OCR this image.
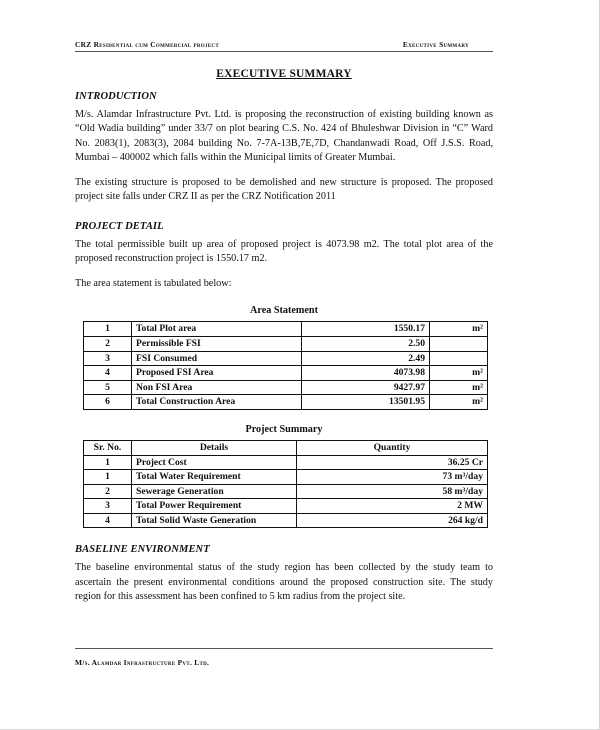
CRZ Residential cum Commercial project	Executive Summary
EXECUTIVE SUMMARY
INTRODUCTION

M/s. Alamdar Infrastructure Pvt. Ltd. is proposing the reconstruction of existing building known as “Old Wadia building” under 33/7 on plot bearing C.S. No. 424 of Bhuleshwar Division in “C” Ward No. 2083(1), 2083(3), 2084 building No. 7-7A-13B,7E,7D, Chandanwadi Road, Off J.S.S. Road, Mumbai – 400002 which falls within the Municipal limits of Greater Mumbai.

The existing structure is proposed to be demolished and new structure is proposed. The proposed project site falls under CRZ II as per the CRZ Notification 2011

PROJECT DETAIL

The total permissible built up area of proposed project is 4073.98 m2. The total plot area of the proposed reconstruction project is 1550.17 m2.

The area statement is tabulated below:

Area Statement
1	Total Plot area	1550.17	m²
2	Permissible FSI	2.50	
3	FSI Consumed	2.49	
4	Proposed FSI Area	4073.98	m²
5	Non FSI Area	9427.97	m²
6	Total Construction Area	13501.95	m²
Project Summary
Sr. No.	Details	Quantity
1	Project Cost	36.25 Cr
1	Total Water Requirement	73 m³/day
2	Sewerage Generation	58 m³/day
3	Total Power Requirement	2 MW
4	Total Solid Waste Generation	264 kg/d
BASELINE ENVIRONMENT

The baseline environmental status of the study region has been collected by the study team to ascertain the present environmental conditions around the proposed construction site. The study region for this assessment has been confined to 5 km radius from the project site.

M/s. Alamdar Infrastructure Pvt. Ltd.
